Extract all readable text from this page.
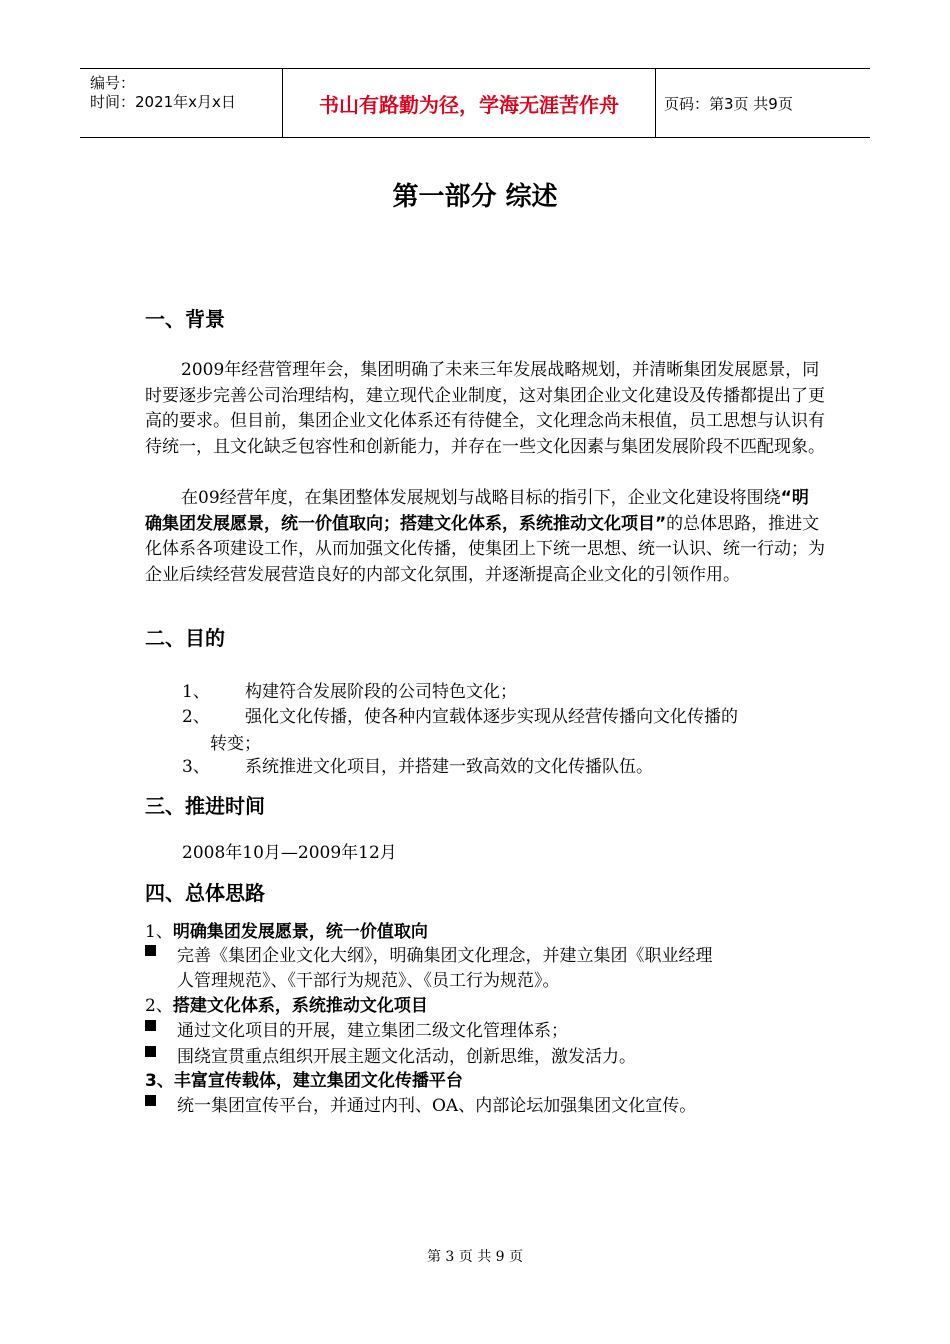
编号：
时间：2021年x月x日	书山有路勤为径，学海无涯苦作舟	页码：第3页 共9页
第一部分 综述
一、背景
2009年经营管理年会，集团明确了未来三年发展战略规划，并清晰集团发展愿景，同时要逐步完善公司治理结构，建立现代企业制度，这对集团企业文化建设及传播都提出了更高的要求。但目前，集团企业文化体系还有待健全，文化理念尚未根值，员工思想与认识有待统一，且文化缺乏包容性和创新能力，并存在一些文化因素与集团发展阶段不匹配现象。
在09经营年度，在集团整体发展规划与战略目标的指引下，企业文化建设将围绕“明确集团发展愿景，统一价值取向；搭建文化体系，系统推动文化项目”的总体思路，推进文化体系各项建设工作，从而加强文化传播，使集团上下统一思想、统一认识、统一行动；为企业后续经营发展营造良好的内部文化氛围，并逐渐提高企业文化的引领作用。
二、目的
1、 构建符合发展阶段的公司特色文化；
2、 强化文化传播，使各种内宣载体逐步实现从经营传播向文化传播的
转变；
3、 系统推进文化项目，并搭建一致高效的文化传播队伍。
三、推进时间
2008年10月—2009年12月
四、总体思路
1、明确集团发展愿景，统一价值取向
完善《集团企业文化大纲》，明确集团文化理念，并建立集团《职业经理
人管理规范》、《干部行为规范》、《员工行为规范》。
2、搭建文化体系，系统推动文化项目
通过文化项目的开展，建立集团二级文化管理体系；
围绕宣贯重点组织开展主题文化活动，创新思维，激发活力。
3、丰富宣传载体，建立集团文化传播平台
统一集团宣传平台，并通过内刊、OA、内部论坛加强集团文化宣传。
第 3 页 共 9 页
